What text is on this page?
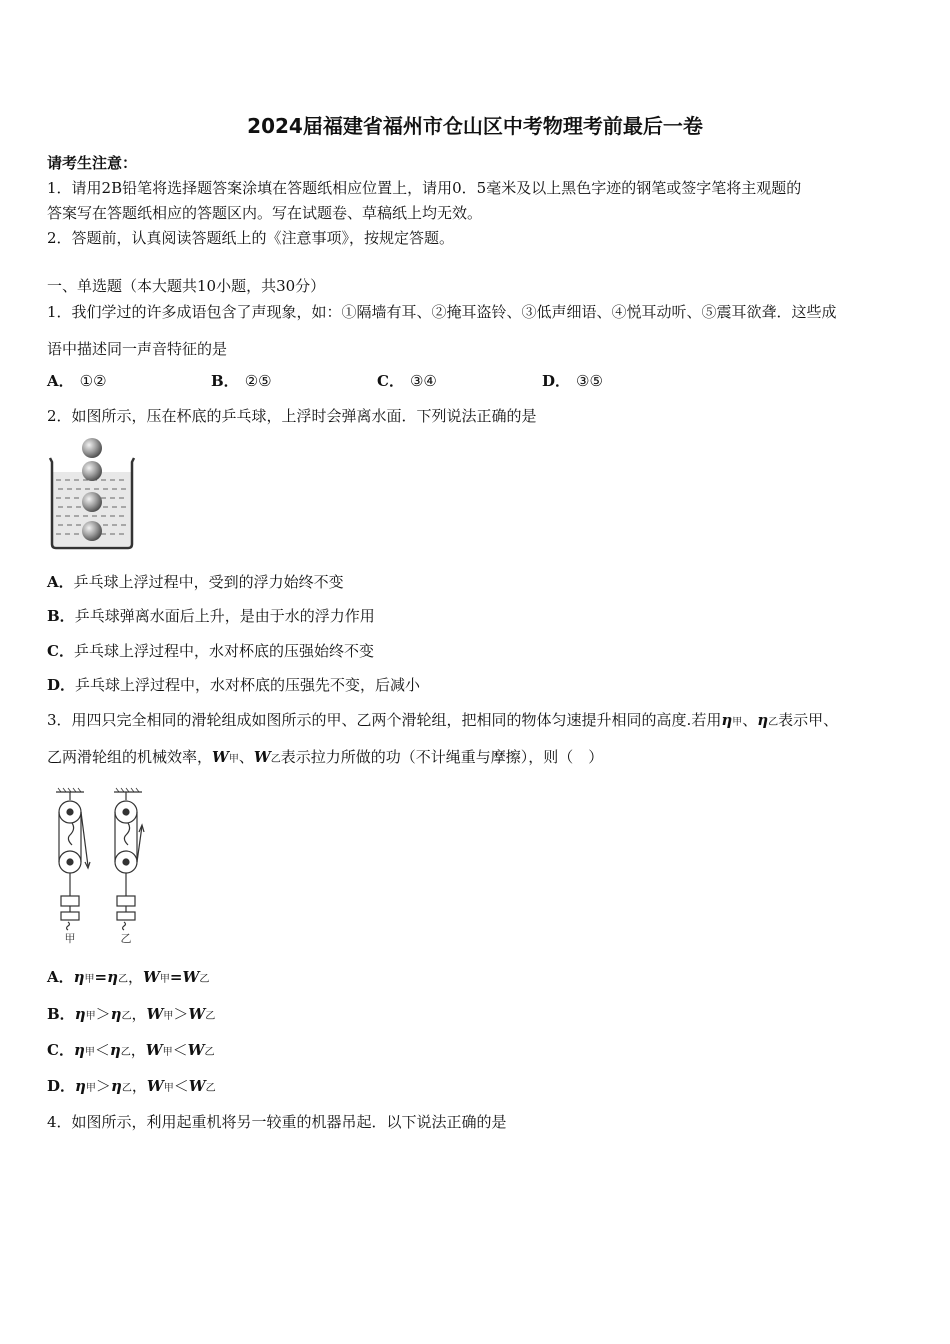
2024届福建省福州市仓山区中考物理考前最后一卷
请考生注意：
1．请用2B铅笔将选择题答案涂填在答题纸相应位置上，请用0．5毫米及以上黑色字迹的钢笔或签字笔将主观题的
答案写在答题纸相应的答题区内。写在试题卷、草稿纸上均无效。
2．答题前，认真阅读答题纸上的《注意事项》，按规定答题。
一、单选题（本大题共10小题，共30分）
1．我们学过的许多成语包含了声现象，如：①隔墙有耳、②掩耳盗铃、③低声细语、④悦耳动听、⑤震耳欲聋．这些成
语中描述同一声音特征的是
A． ①②	B． ②⑤	C． ③④	D． ③⑤
2．如图所示，压在杯底的乒乓球，上浮时会弹离水面．下列说法正确的是
A．乒乓球上浮过程中，受到的浮力始终不变
B．乒乓球弹离水面后上升，是由于水的浮力作用
C．乒乓球上浮过程中，水对杯底的压强始终不变
D．乒乓球上浮过程中，水对杯底的压强先不变，后减小
3．用四只完全相同的滑轮组成如图所示的甲、乙两个滑轮组，把相同的物体匀速提升相同的高度.若用η甲、η乙表示甲、
乙两滑轮组的机械效率，W甲、W乙表示拉力所做的功（不计绳重与摩擦），则（　）
甲	乙
A．η甲=η乙，W甲=W乙
B．η甲＞η乙，W甲＞W乙
C．η甲＜η乙，W甲＜W乙
D．η甲＞η乙，W甲＜W乙
4．如图所示，利用起重机将另一较重的机器吊起．以下说法正确的是
